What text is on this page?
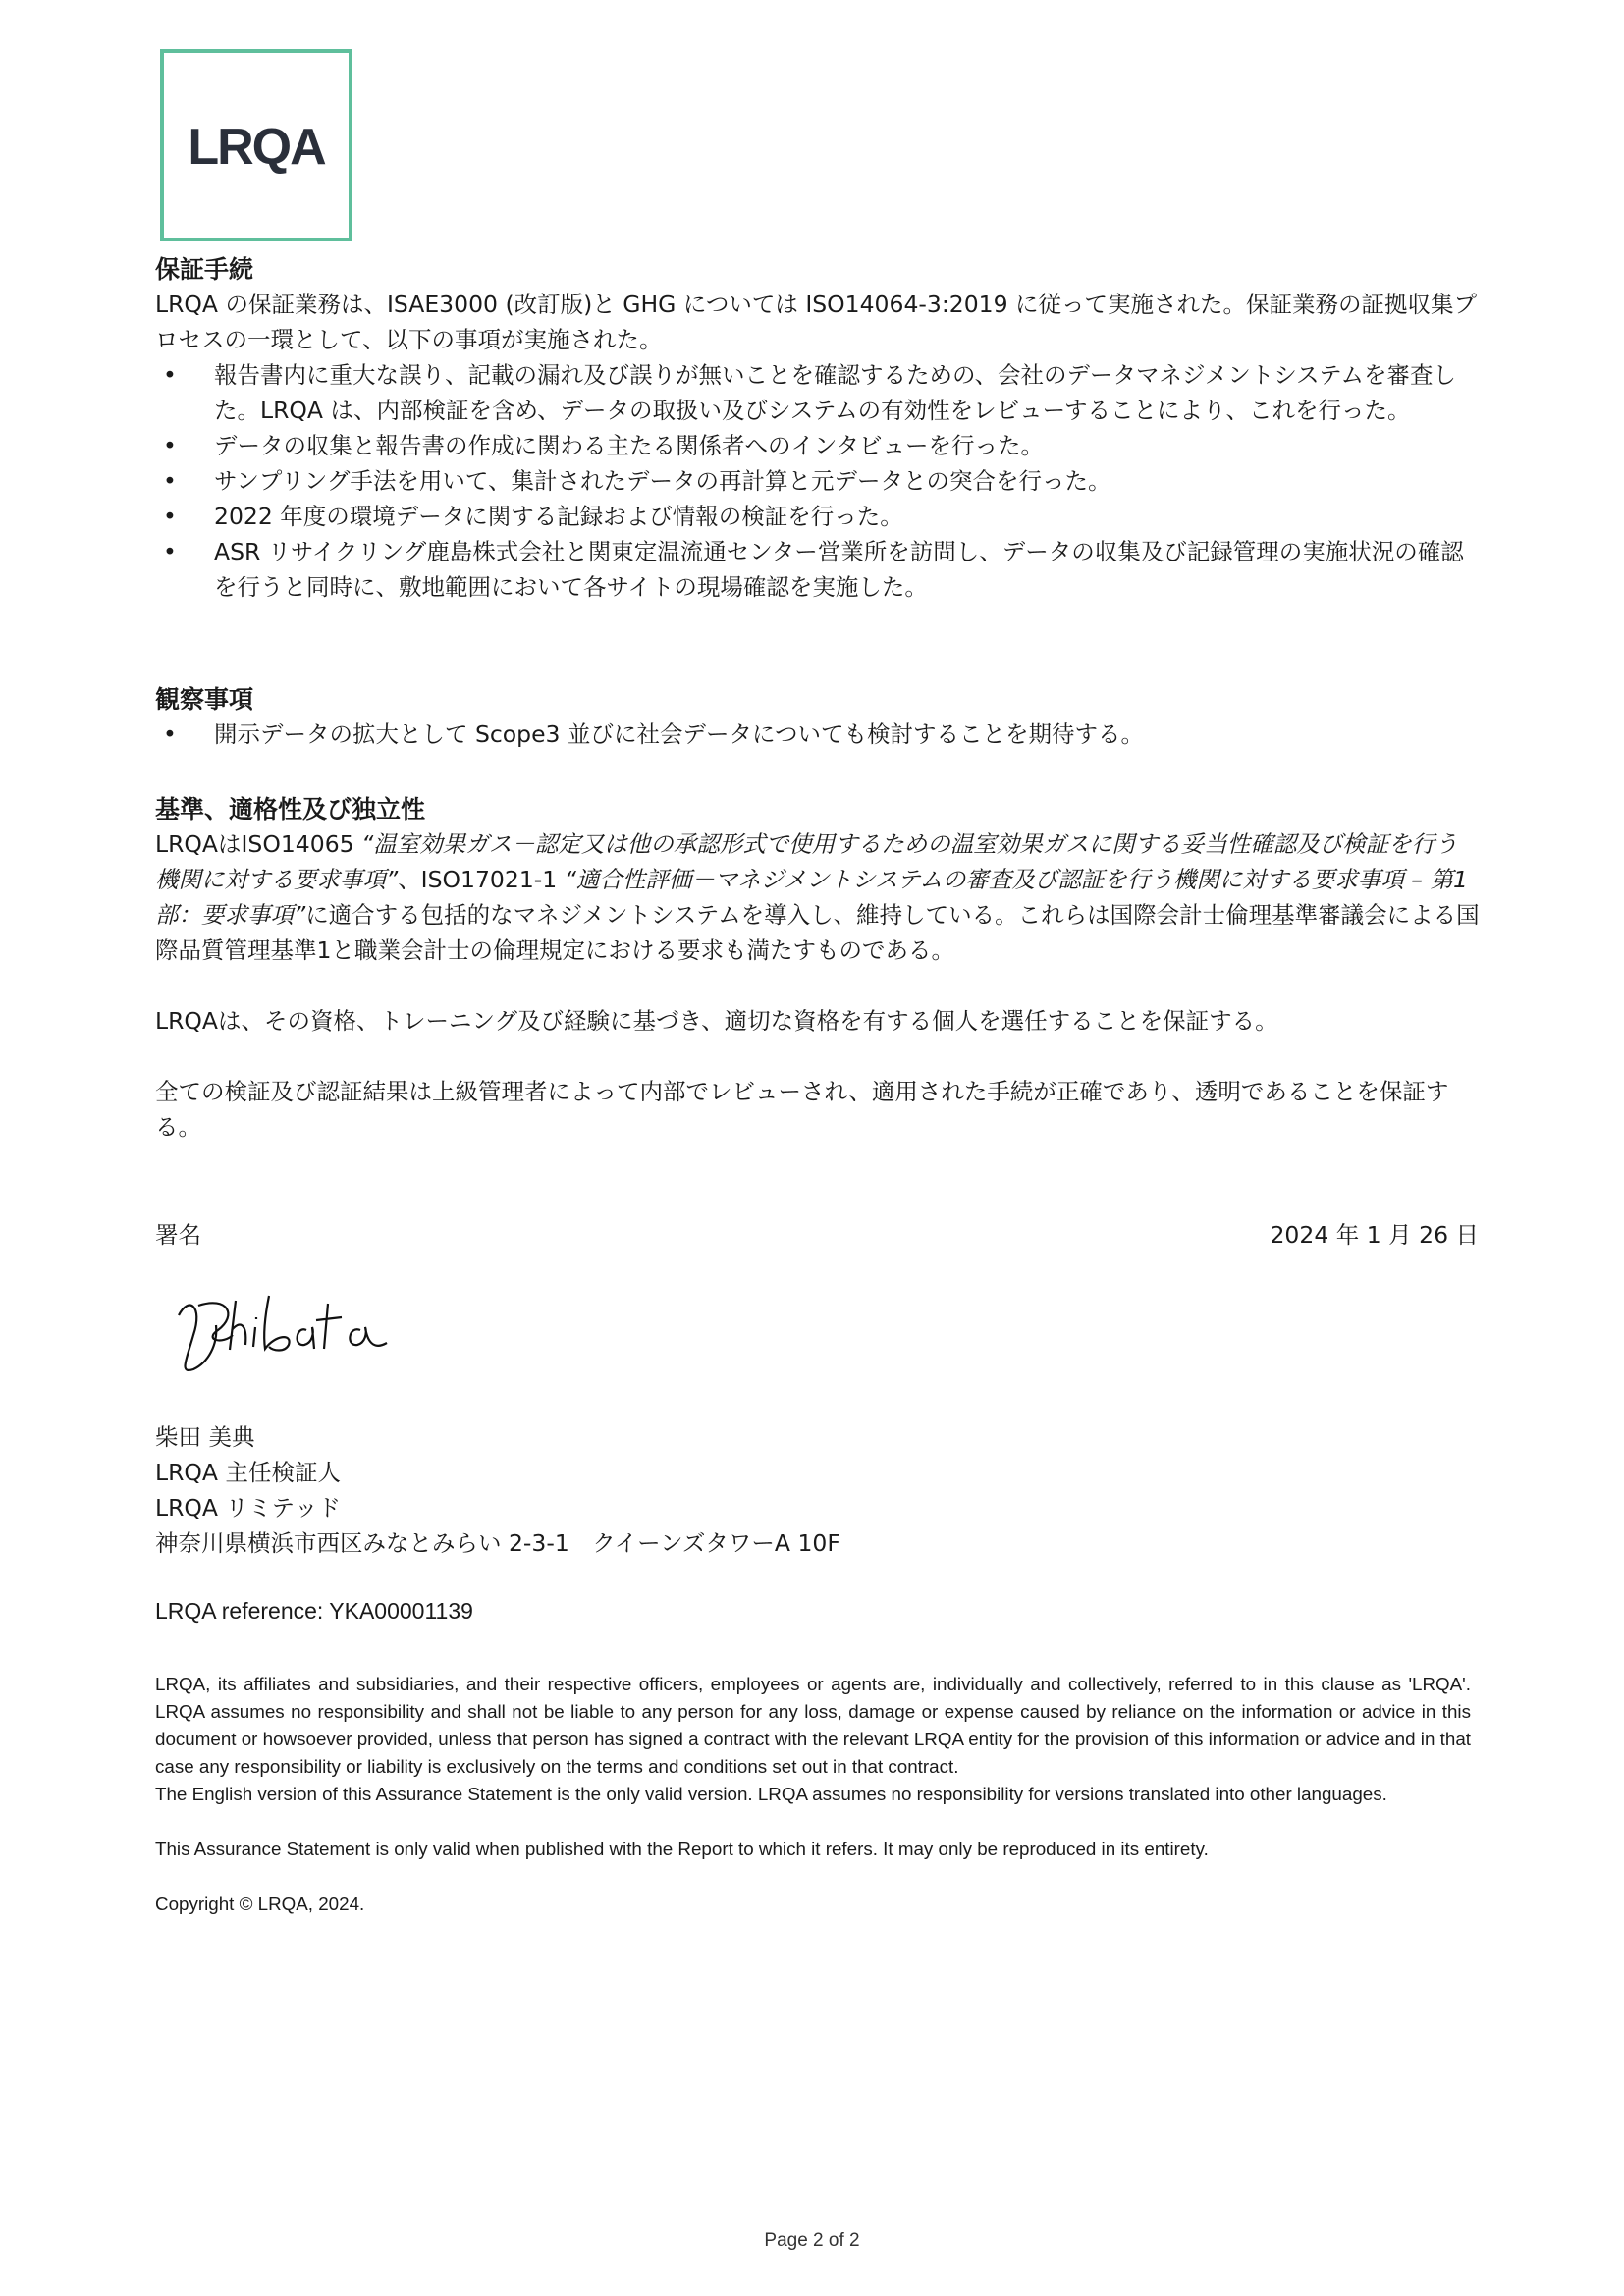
LRQA
保証手続

LRQA の保証業務は、ISAE3000 (改訂版)と GHG については ISO14064-3:2019 に従って実施された。保証業務の証拠収集プロセスの一環として、以下の事項が実施された。

• 報告書内に重大な誤り、記載の漏れ及び誤りが無いことを確認するための、会社のデータマネジメントシステムを審査した。LRQA は、内部検証を含め、データの取扱い及びシステムの有効性をレビューすることにより、これを行った。
• データの収集と報告書の作成に関わる主たる関係者へのインタビューを行った。
• サンプリング手法を用いて、集計されたデータの再計算と元データとの突合を行った。
• 2022 年度の環境データに関する記録および情報の検証を行った。
• ASR リサイクリング鹿島株式会社と関東定温流通センター営業所を訪問し、データの収集及び記録管理の実施状況の確認を行うと同時に、敷地範囲において各サイトの現場確認を実施した。
観察事項
• 開示データの拡大として Scope3 並びに社会データについても検討することを期待する。
基準、適格性及び独立性

LRQAはISO14065 “温室効果ガス－認定又は他の承認形式で使用するための温室効果ガスに関する妥当性確認及び検証を行う機関に対する要求事項”、ISO17021-1 “適合性評価－マネジメントシステムの審査及び認証を行う機関に対する要求事項 – 第1部：要求事項”に適合する包括的なマネジメントシステムを導入し、維持している。これらは国際会計士倫理基準審議会による国際品質管理基準1と職業会計士の倫理規定における要求も満たすものである。

LRQAは、その資格、トレーニング及び経験に基づき、適切な資格を有する個人を選任することを保証する。

全ての検証及び認証結果は上級管理者によって内部でレビューされ、適用された手続が正確であり、透明であることを保証する。

署名	2024 年 1 月 26 日
柴田 美典
LRQA 主任検証人
LRQA リミテッド
神奈川県横浜市西区みなとみらい 2-3-1　クイーンズタワーA 10F
LRQA reference: YKA00001139

LRQA, its affiliates and subsidiaries, and their respective officers, employees or agents are, individually and collectively, referred to in this clause as 'LRQA'. LRQA assumes no responsibility and shall not be liable to any person for any loss, damage or expense caused by reliance on the information or advice in this document or howsoever provided, unless that person has signed a contract with the relevant LRQA entity for the provision of this information or advice and in that case any responsibility or liability is exclusively on the terms and conditions set out in that contract.

The English version of this Assurance Statement is the only valid version. LRQA assumes no responsibility for versions translated into other languages.

This Assurance Statement is only valid when published with the Report to which it refers. It may only be reproduced in its entirety.

Copyright © LRQA, 2024.

Page 2 of 2
